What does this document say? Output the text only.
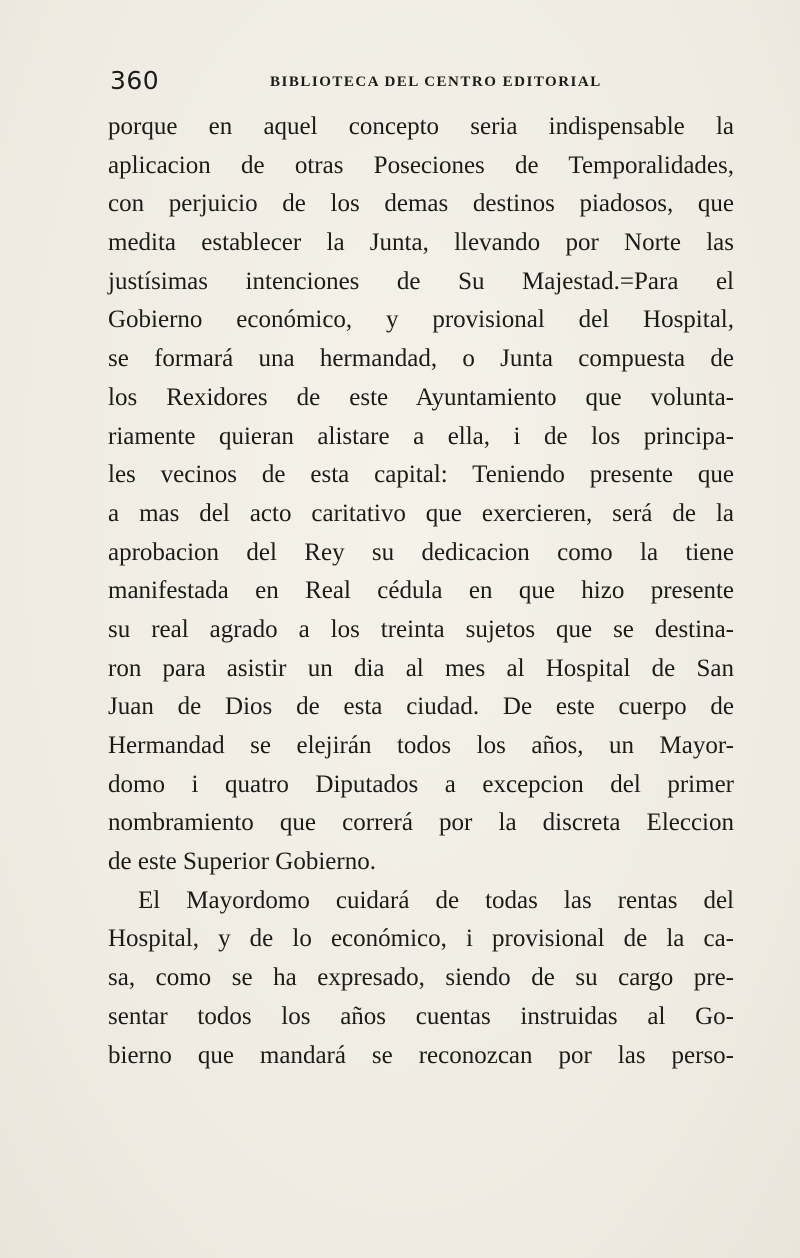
360	BIBLIOTECA DEL CENTRO EDITORIAL
porque en aquel concepto seria indispensable la
aplicacion de otras Poseciones de Temporalidades,
con perjuicio de los demas destinos piadosos, que
medita establecer la Junta, llevando por Norte las
justísimas intenciones de Su Majestad.=Para el
Gobierno económico, y provisional del Hospital,
se formará una hermandad, o Junta compuesta de
los Rexidores de este Ayuntamiento que volunta-
riamente quieran alistare a ella, i de los principa-
les vecinos de esta capital: Teniendo presente que
a mas del acto caritativo que exercieren, será de la
aprobacion del Rey su dedicacion como la tiene
manifestada en Real cédula en que hizo presente
su real agrado a los treinta sujetos que se destina-
ron para asistir un dia al mes al Hospital de San
Juan de Dios de esta ciudad. De este cuerpo de
Hermandad se elejirán todos los años, un Mayor-
domo i quatro Diputados a excepcion del primer
nombramiento que correrá por la discreta Eleccion
de este Superior Gobierno.
El Mayordomo cuidará de todas las rentas del
Hospital, y de lo económico, i provisional de la ca-
sa, como se ha expresado, siendo de su cargo pre-
sentar todos los años cuentas instruidas al Go-
bierno que mandará se reconozcan por las perso-
